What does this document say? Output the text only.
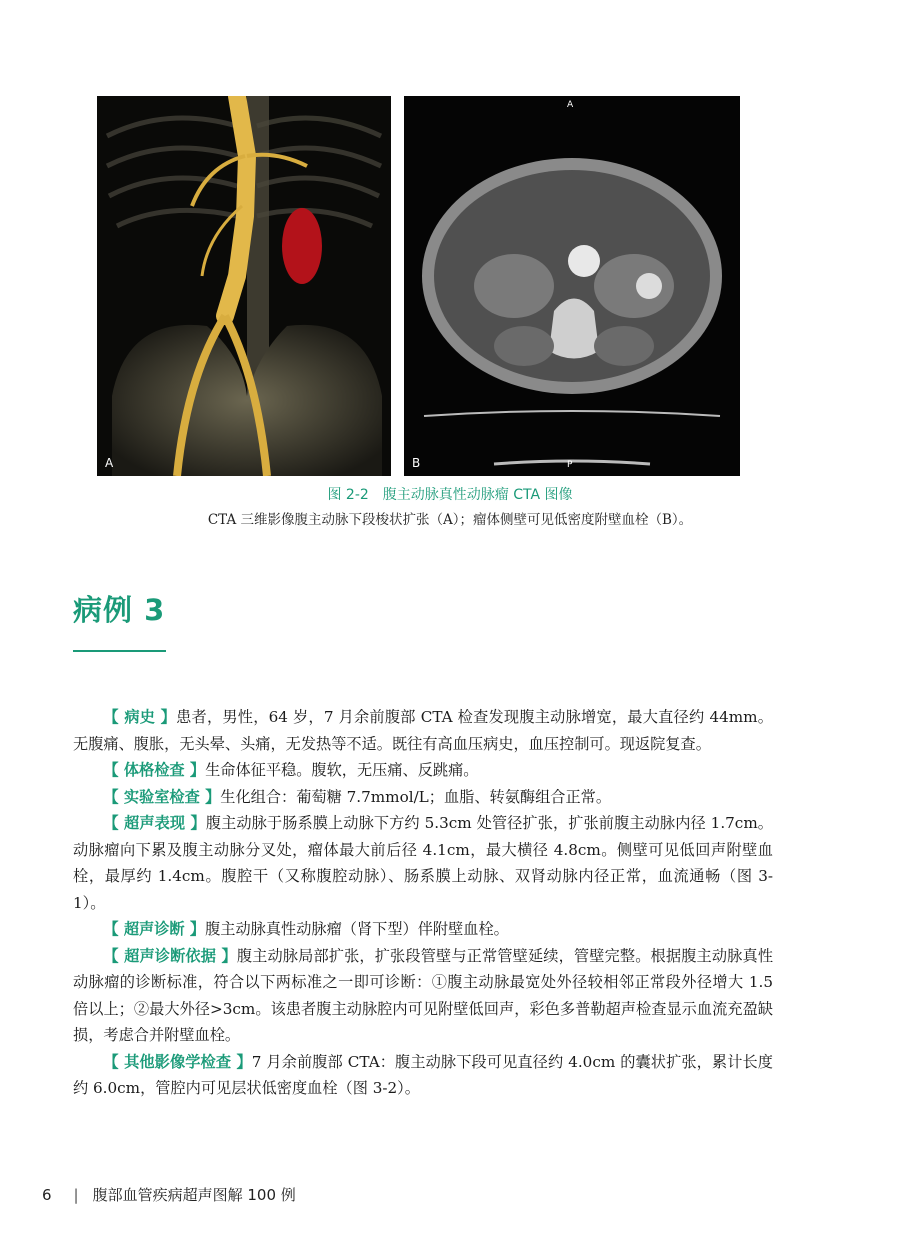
A
A
P
B
图 2-2　腹主动脉真性动脉瘤 CTA 图像
CTA 三维影像腹主动脉下段梭状扩张（A）；瘤体侧壁可见低密度附壁血栓（B）。
病例 3

【 病史 】患者，男性，64 岁，7 月余前腹部 CTA 检查发现腹主动脉增宽，最大直径约 44mm。无腹痛、腹胀，无头晕、头痛，无发热等不适。既往有高血压病史，血压控制可。现返院复查。

【 体格检查 】生命体征平稳。腹软，无压痛、反跳痛。

【 实验室检查 】生化组合：葡萄糖 7.7mmol/L；血脂、转氨酶组合正常。

【 超声表现 】腹主动脉于肠系膜上动脉下方约 5.3cm 处管径扩张，扩张前腹主动脉内径 1.7cm。动脉瘤向下累及腹主动脉分叉处，瘤体最大前后径 4.1cm，最大横径 4.8cm。侧壁可见低回声附壁血栓，最厚约 1.4cm。腹腔干（又称腹腔动脉）、肠系膜上动脉、双肾动脉内径正常，血流通畅（图 3-1）。

【 超声诊断 】腹主动脉真性动脉瘤（肾下型）伴附壁血栓。

【 超声诊断依据 】腹主动脉局部扩张，扩张段管壁与正常管壁延续，管壁完整。根据腹主动脉真性动脉瘤的诊断标准，符合以下两标准之一即可诊断：①腹主动脉最宽处外径较相邻正常段外径增大 1.5 倍以上；②最大外径>3cm。该患者腹主动脉腔内可见附壁低回声，彩色多普勒超声检查显示血流充盈缺损，考虑合并附壁血栓。

【 其他影像学检查 】7 月余前腹部 CTA：腹主动脉下段可见直径约 4.0cm 的囊状扩张，累计长度约 6.0cm，管腔内可见层状低密度血栓（图 3-2）。

6 | 腹部血管疾病超声图解 100 例
